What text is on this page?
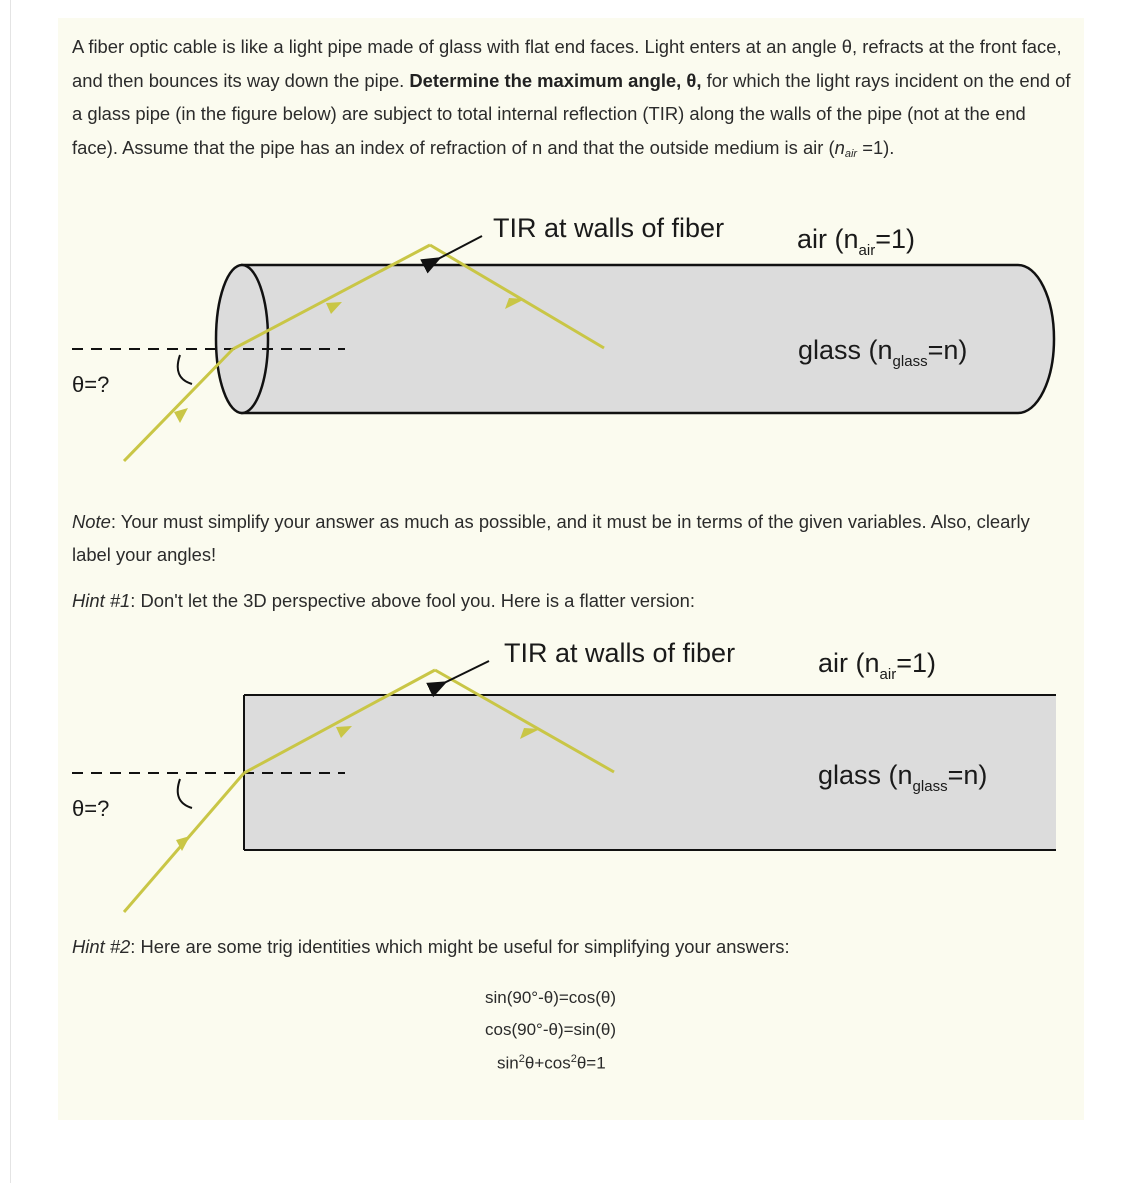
A fiber optic cable is like a light pipe made of glass with flat end faces. Light enters at an angle θ, refracts at the front face, and then bounces its way down the pipe. Determine the maximum angle, θ, for which the light rays incident on the end of a glass pipe (in the figure below) are subject to total internal reflection (TIR) along the walls of the pipe (not at the end face). Assume that the pipe has an index of refraction of n and that the outside medium is air $(n_{air} =1)$.
TIR at walls of fiber	air $(n_{air}=1)$
glass $(n_{glass}=n)$
θ=?
Note: Your must simplify your answer as much as possible, and it must be in terms of the given variables. Also, clearly label your angles!
Hint #1: Don't let the 3D perspective above fool you. Here is a flatter version:
TIR at walls of fiber	air $(n_{air}=1)$
glass $(n_{glass}=n)$
θ=?
Hint #2: Here are some trig identities which might be useful for simplifying your answers:
sin(90°-θ)=cos(θ)
cos(90°-θ)=sin(θ)
$\sin^2\theta+\cos^2\theta=1$
